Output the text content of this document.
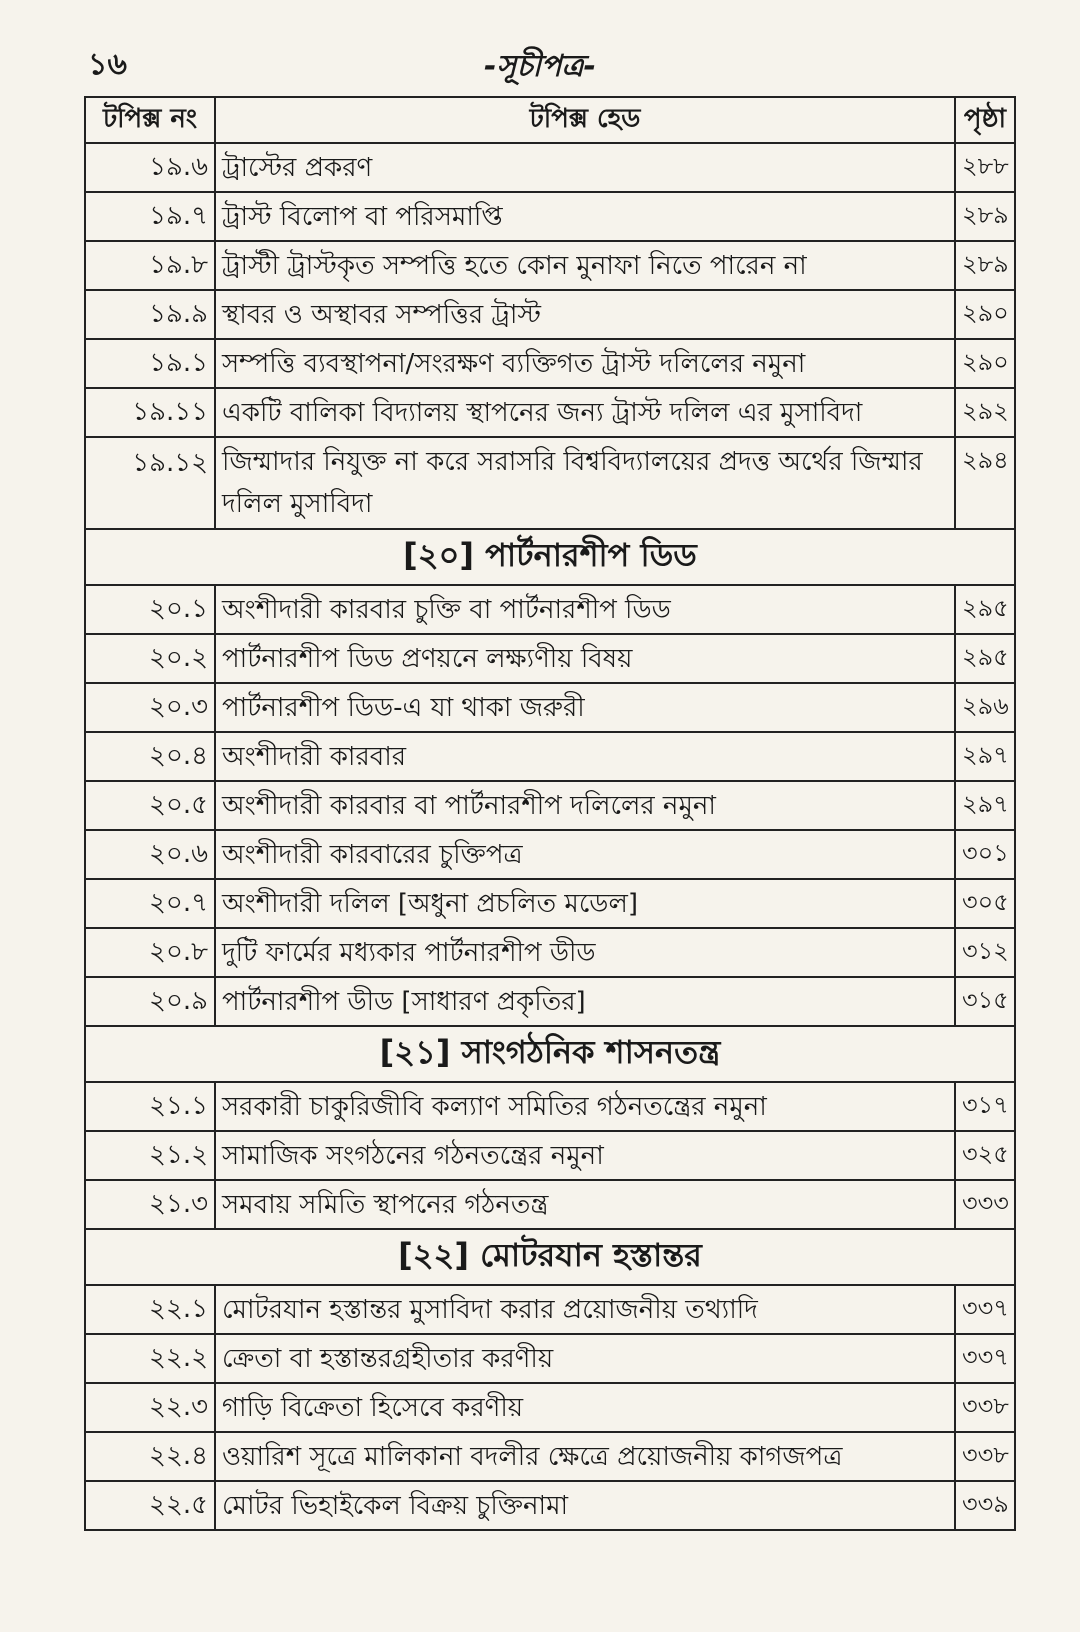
১৬	-সূচীপত্র-
টপিক্স নং	টপিক্স হেড	পৃষ্ঠা
১৯.৬	ট্রাস্টের প্রকরণ	২৮৮
১৯.৭	ট্রাস্ট বিলোপ বা পরিসমাপ্তি	২৮৯
১৯.৮	ট্রাস্টী ট্রাস্টকৃত সম্পত্তি হতে কোন মুনাফা নিতে পারেন না	২৮৯
১৯.৯	স্থাবর ও অস্থাবর সম্পত্তির ট্রাস্ট	২৯০
১৯.১	সম্পত্তি ব্যবস্থাপনা/সংরক্ষণ ব্যক্তিগত ট্রাস্ট দলিলের নমুনা	২৯০
১৯.১১	একটি বালিকা বিদ্যালয় স্থাপনের জন্য ট্রাস্ট দলিল এর মুসাবিদা	২৯২
১৯.১২	জিম্মাদার নিযুক্ত না করে সরাসরি বিশ্ববিদ্যালয়ের প্রদত্ত অর্থের জিম্মার দলিল মুসাবিদা	২৯৪
[২০] পার্টনারশীপ ডিড		
২০.১	অংশীদারী কারবার চুক্তি বা পার্টনারশীপ ডিড	২৯৫
২০.২	পার্টনারশীপ ডিড প্রণয়নে লক্ষ্যণীয় বিষয়	২৯৫
২০.৩	পার্টনারশীপ ডিড-এ যা থাকা জরুরী	২৯৬
২০.৪	অংশীদারী কারবার	২৯৭
২০.৫	অংশীদারী কারবার বা পার্টনারশীপ দলিলের নমুনা	২৯৭
২০.৬	অংশীদারী কারবারের চুক্তিপত্র	৩০১
২০.৭	অংশীদারী দলিল [অধুনা প্রচলিত মডেল]	৩০৫
২০.৮	দুটি ফার্মের মধ্যকার পার্টনারশীপ ডীড	৩১২
২০.৯	পার্টনারশীপ ডীড [সাধারণ প্রকৃতির]	৩১৫
[২১] সাংগঠনিক শাসনতন্ত্র		
২১.১	সরকারী চাকুরিজীবি কল্যাণ সমিতির গঠনতন্ত্রের নমুনা	৩১৭
২১.২	সামাজিক সংগঠনের গঠনতন্ত্রের নমুনা	৩২৫
২১.৩	সমবায় সমিতি স্থাপনের গঠনতন্ত্র	৩৩৩
[২২] মোটরযান হস্তান্তর		
২২.১	মোটরযান হস্তান্তর মুসাবিদা করার প্রয়োজনীয় তথ্যাদি	৩৩৭
২২.২	ক্রেতা বা হস্তান্তরগ্রহীতার করণীয়	৩৩৭
২২.৩	গাড়ি বিক্রেতা হিসেবে করণীয়	৩৩৮
২২.৪	ওয়ারিশ সূত্রে মালিকানা বদলীর ক্ষেত্রে প্রয়োজনীয় কাগজপত্র	৩৩৮
২২.৫	মোটর ভিহাইকেল বিক্রয় চুক্তিনামা	৩৩৯
